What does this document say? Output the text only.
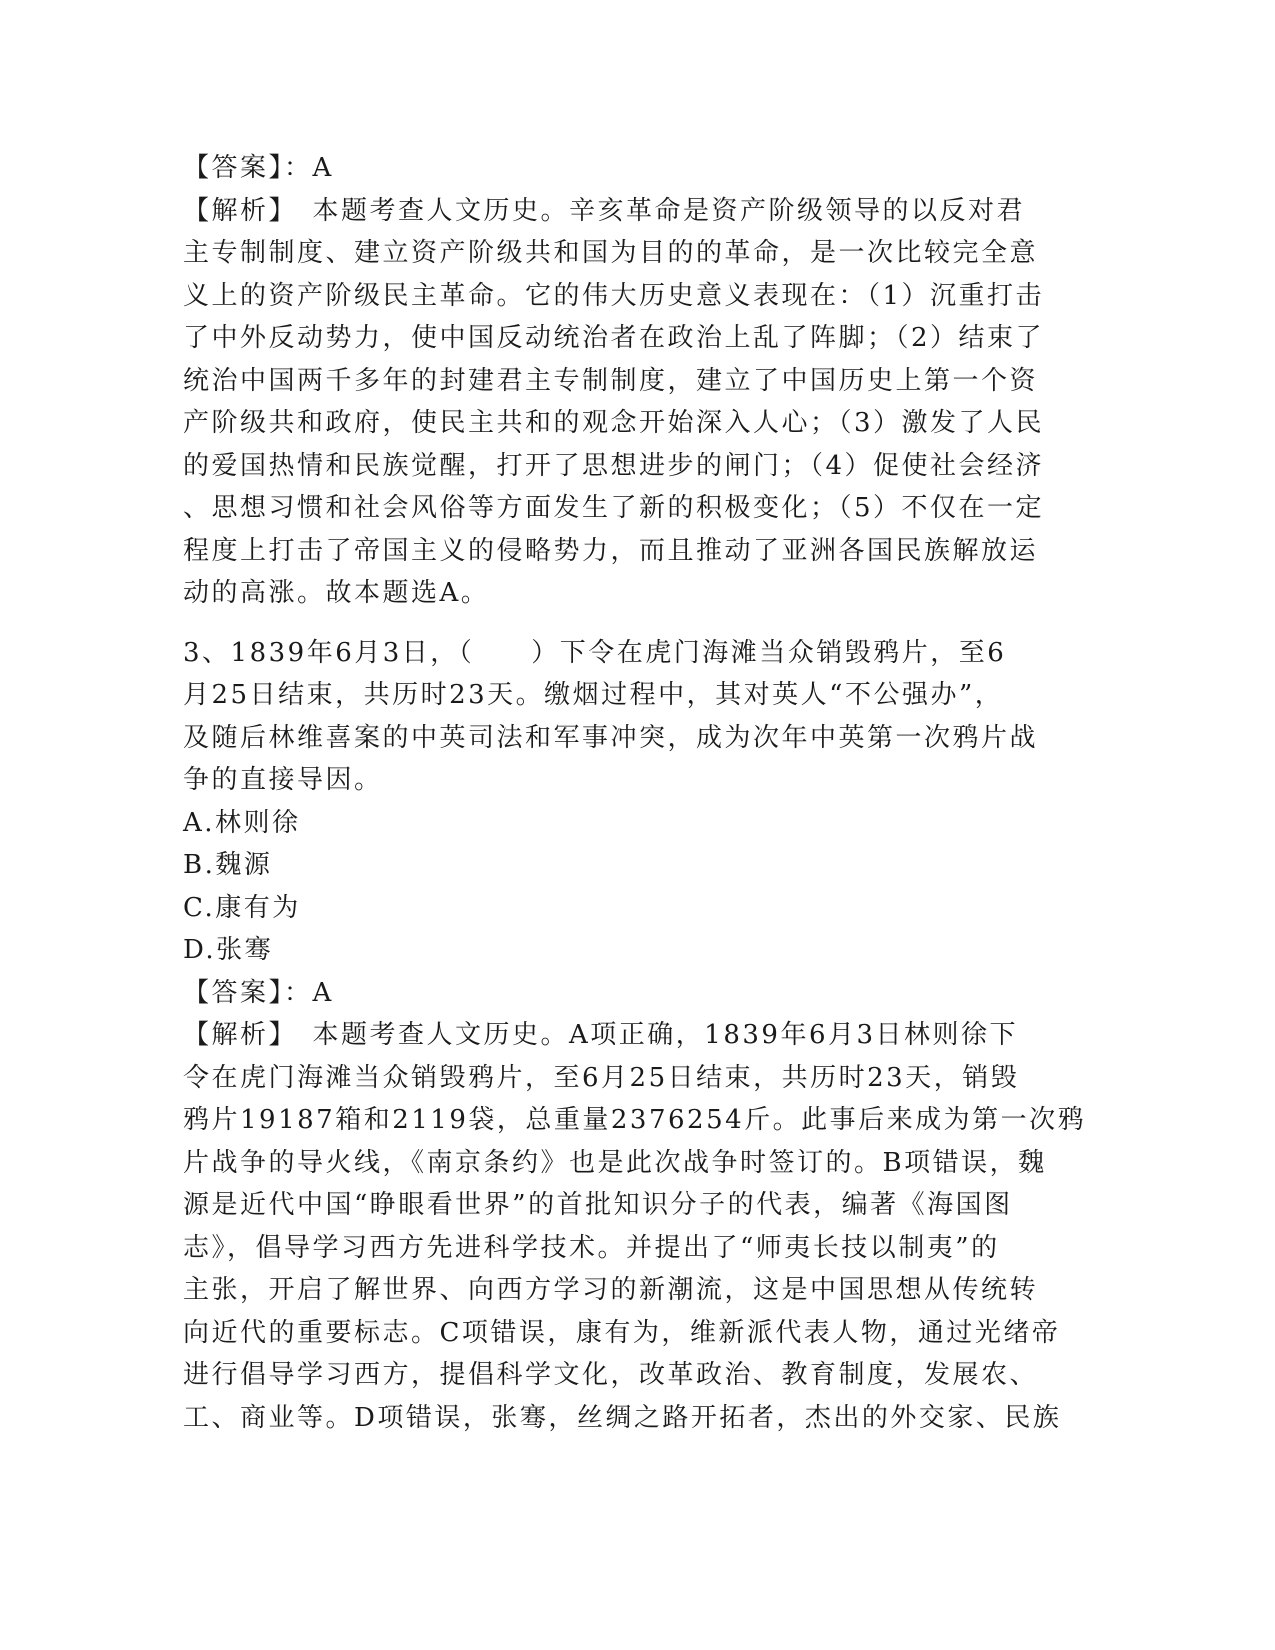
【答案】：A
【解析】　本题考查人文历史。辛亥革命是资产阶级领导的以反对君
主专制制度、建立资产阶级共和国为目的的革命，是一次比较完全意
义上的资产阶级民主革命。它的伟大历史意义表现在：（1）沉重打击
了中外反动势力，使中国反动统治者在政治上乱了阵脚；（2）结束了
统治中国两千多年的封建君主专制制度，建立了中国历史上第一个资
产阶级共和政府，使民主共和的观念开始深入人心；（3）激发了人民
的爱国热情和民族觉醒，打开了思想进步的闸门；（4）促使社会经济
、思想习惯和社会风俗等方面发生了新的积极变化；（5）不仅在一定
程度上打击了帝国主义的侵略势力，而且推动了亚洲各国民族解放运
动的高涨。故本题选A。
3、1839年6月3日，（　　）下令在虎门海滩当众销毁鸦片，至6
月25日结束，共历时23天。缴烟过程中，其对英人“不公强办”，
及随后林维喜案的中英司法和军事冲突，成为次年中英第一次鸦片战
争的直接导因。
A.林则徐
B.魏源
C.康有为
D.张骞
【答案】：A
【解析】　本题考查人文历史。A项正确，1839年6月3日林则徐下
令在虎门海滩当众销毁鸦片，至6月25日结束，共历时23天，销毁
鸦片19187箱和2119袋，总重量2376254斤。此事后来成为第一次鸦
片战争的导火线，《南京条约》也是此次战争时签订的。B项错误，魏
源是近代中国“睁眼看世界”的首批知识分子的代表，编著《海国图
志》，倡导学习西方先进科学技术。并提出了“师夷长技以制夷”的
主张，开启了解世界、向西方学习的新潮流，这是中国思想从传统转
向近代的重要标志。C项错误，康有为，维新派代表人物，通过光绪帝
进行倡导学习西方，提倡科学文化，改革政治、教育制度，发展农、
工、商业等。D项错误，张骞，丝绸之路开拓者，杰出的外交家、民族
